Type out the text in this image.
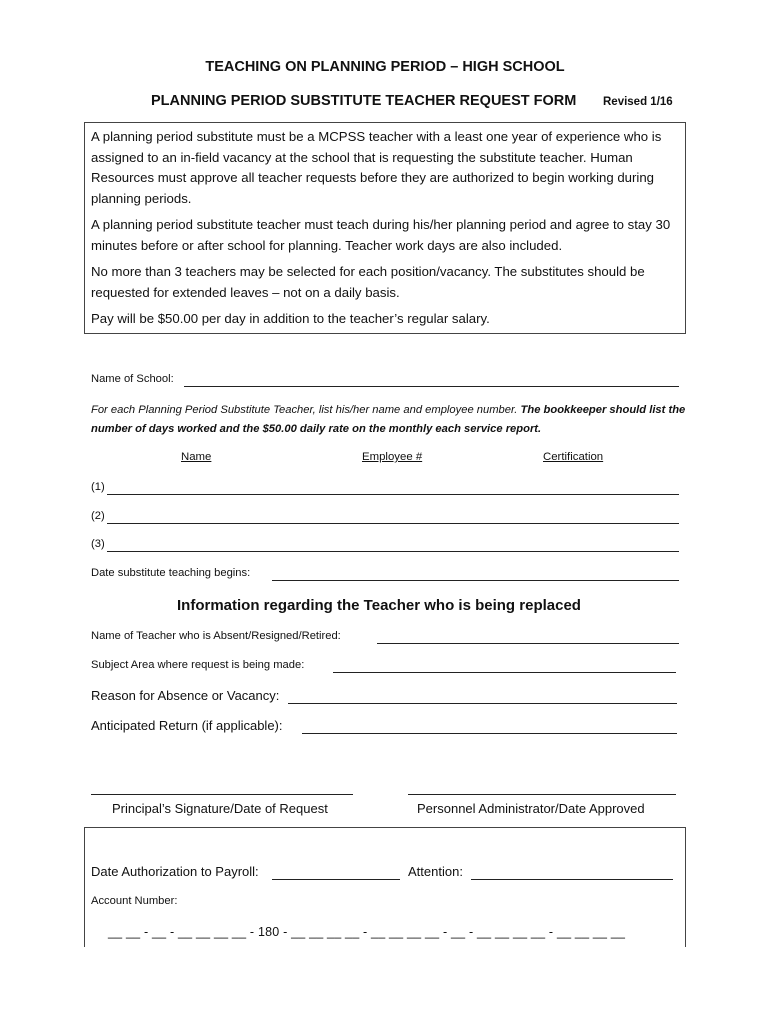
TEACHING ON PLANNING PERIOD – HIGH SCHOOL
PLANNING PERIOD SUBSTITUTE TEACHER REQUEST FORM Revised 1/16

A planning period substitute must be a MCPSS teacher with a least one year of experience who is assigned to an in-field vacancy at the school that is requesting the substitute teacher. Human Resources must approve all teacher requests before they are authorized to begin working during planning periods.

A planning period substitute teacher must teach during his/her planning period and agree to stay 30 minutes before or after school for planning. Teacher work days are also included.

No more than 3 teachers may be selected for each position/vacancy. The substitutes should be requested for extended leaves – not on a daily basis.

Pay will be $50.00 per day in addition to the teacher’s regular salary.

Name of School:
For each Planning Period Substitute Teacher, list his/her name and employee number. The bookkeeper should list the number of days worked and the $50.00 daily rate on the monthly each service report.
Name	Employee #	Certification
(1)
(2)
(3)
Date substitute teaching begins:
Information regarding the Teacher who is being replaced
Name of Teacher who is Absent/Resigned/Retired:
Subject Area where request is being made:
Reason for Absence or Vacancy:
Anticipated Return (if applicable):
Principal’s Signature/Date of Request	Personnel Administrator/Date Approved
Date Authorization to Payroll:	Attention:
Account Number:
__ __ - __ - __ __ __ __ - 180 - __ __ __ __ - __ __ __ __ - __ - __ __ __ __ - __ __ __ __
